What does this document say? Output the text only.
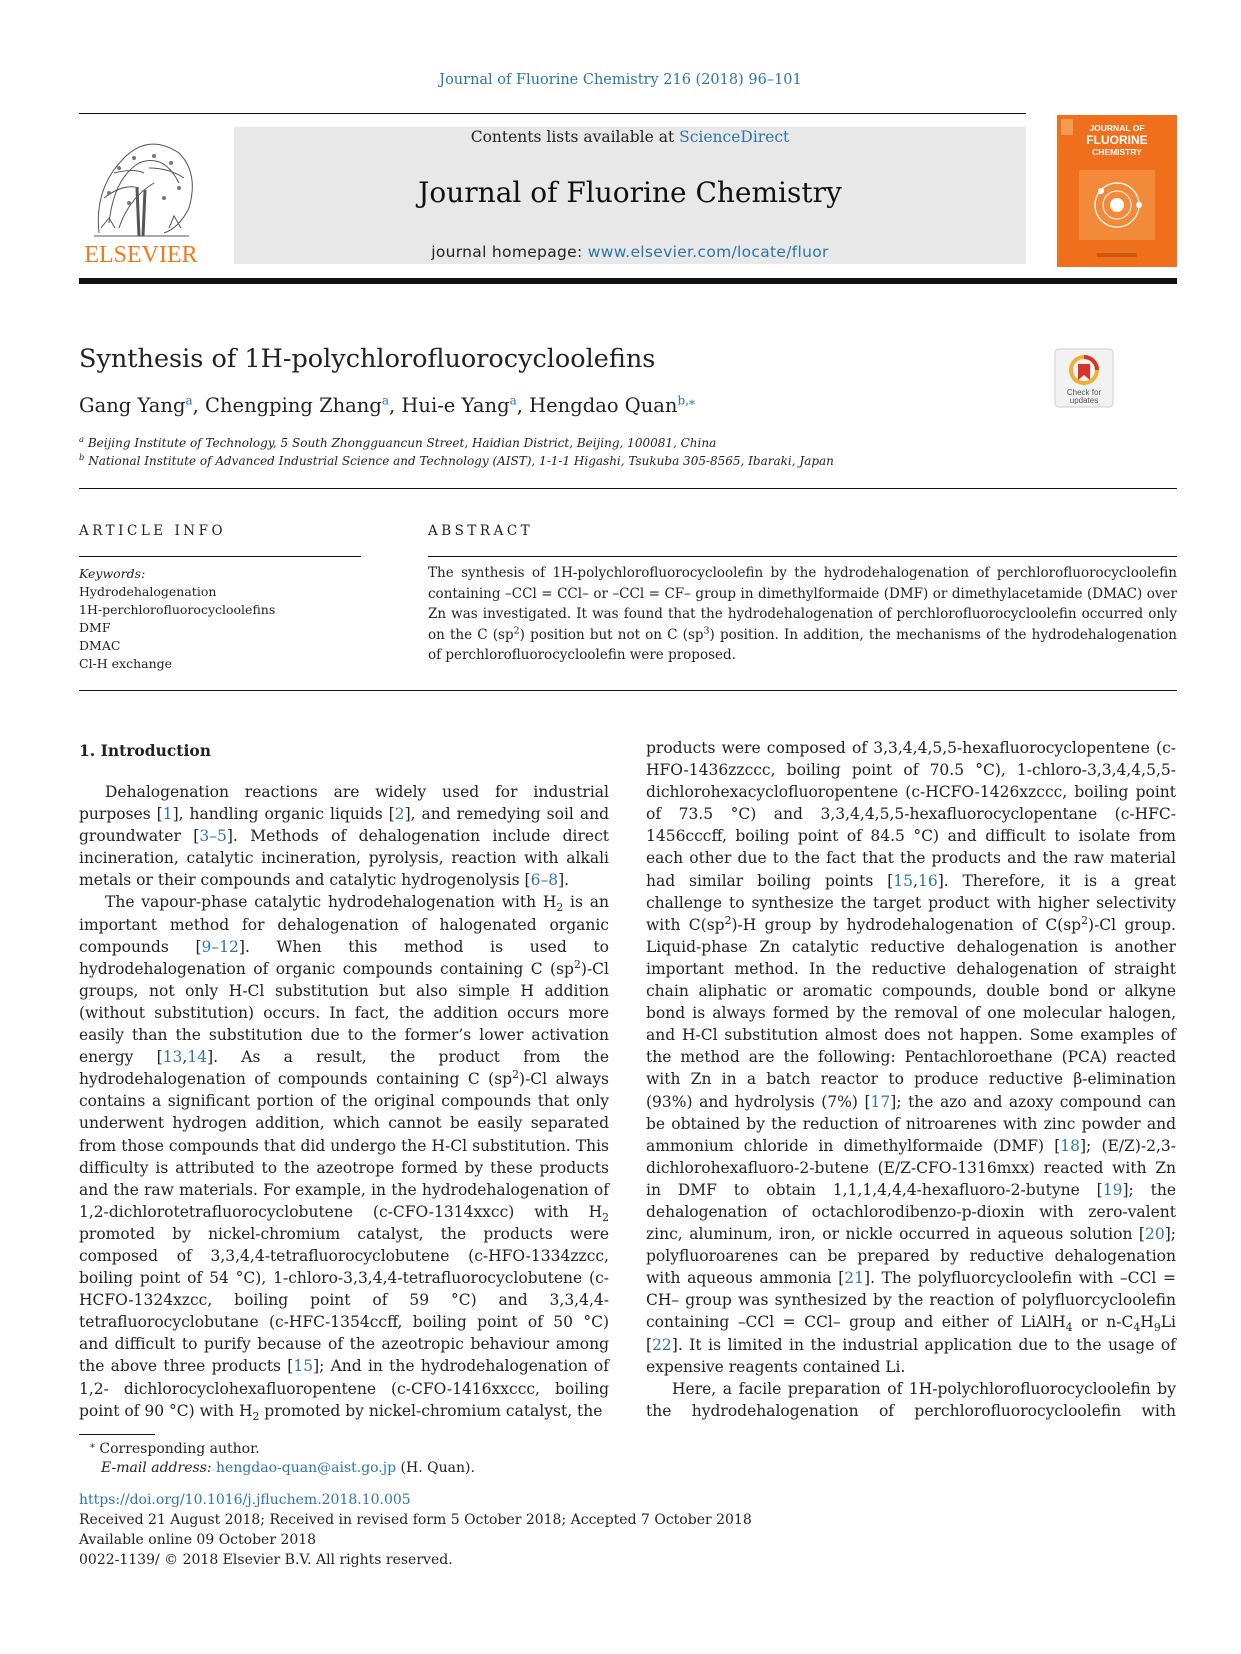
Journal of Fluorine Chemistry 216 (2018) 96–101
ELSEVIER
Contents lists available at ScienceDirect
Journal of Fluorine Chemistry
journal homepage: www.elsevier.com/locate/fluor
JOURNAL OF
FLUORINE
CHEMISTRY
Synthesis of 1H-polychlorofluorocycloolefins
Gang Yang$^a$, Chengping Zhang$^a$, Hui-e Yang$^a$, Hengdao Quan$^{b,⁎}$
$^a$ Beijing Institute of Technology, 5 South Zhongguancun Street, Haidian District, Beijing, 100081, China
$^b$ National Institute of Advanced Industrial Science and Technology (AIST), 1-1-1 Higashi, Tsukuba 305-8565, Ibaraki, Japan
Check for
updates
ARTICLE INFO	ABSTRACT
Keywords:
Hydrodehalogenation
1H-perchlorofluorocycloolefins
DMF
DMAC
Cl-H exchange
The synthesis of 1H-polychlorofluorocycloolefin by the hydrodehalogenation of perchlorofluorocycloolefin containing –CCl = CCl– or –CCl = CF– group in dimethylformaide (DMF) or dimethylacetamide (DMAC) over Zn was investigated. It was found that the hydrodehalogenation of perchlorofluorocycloolefin occurred only on the C $(sp^2)$ position but not on C $(sp^3)$ position. In addition, the mechanisms of the hydrodehalogenation of perchlorofluorocycloolefin were proposed.
1. Introduction

Dehalogenation reactions are widely used for industrial purposes [1], handling organic liquids [2], and remedying soil and groundwater [3–5]. Methods of dehalogenation include direct incineration, catalytic incineration, pyrolysis, reaction with alkali metals or their compounds and catalytic hydrogenolysis [6–8].

The vapour-phase catalytic hydrodehalogenation with $H_2$ is an important method for dehalogenation of halogenated organic compounds [9–12]. When this method is used to hydrodehalogenation of organic compounds containing C $(sp^2)-Cl$ groups, not only H-Cl substitution but also simple H addition (without substitution) occurs. In fact, the addition occurs more easily than the substitution due to the former’s lower activation energy [13,14]. As a result, the product from the hydrodehalogenation of compounds containing C $(sp^2)-Cl$ always contains a significant portion of the original compounds that only underwent hydrogen addition, which cannot be easily separated from those compounds that did undergo the H-Cl substitution. This difficulty is attributed to the azeotrope formed by these products and the raw materials. For example, in the hydrodehalogenation of 1,2-dichlorotetrafluorocyclobutene (c-CFO-1314xxcc) with $H_2$ promoted by nickel-chromium catalyst, the products were composed of 3,3,4,4-tetrafluorocyclobutene (c-HFO-1334zzcc, boiling point of 54 °C), 1-chloro-3,3,4,4-tetrafluorocyclobutene (c-HCFO-1324xzcc, boiling point of 59 °C) and 3,3,4,4-tetrafluorocyclobutane (c-HFC-1354ccff, boiling point of 50 °C) and difficult to purify because of the azeotropic behaviour among the above three products [15]; And in the hydrodehalogenation of 1,2- dichlorocyclohexafluoropentene (c-CFO-1416xxccc, boiling point of 90 °C) with $H_2$ promoted by nickel-chromium catalyst, the

products were composed of 3,3,4,4,5,5-hexafluorocyclopentene (c-HFO-1436zzccc, boiling point of 70.5 °C), 1-chloro-3,3,4,4,5,5-dichlorohexacyclofluoropentene (c-HCFO-1426xzccc, boiling point of 73.5 °C) and 3,3,4,4,5,5-hexafluorocyclopentane (c-HFC-1456cccff, boiling point of 84.5 °C) and difficult to isolate from each other due to the fact that the products and the raw material had similar boiling points [15,16]. Therefore, it is a great challenge to synthesize the target product with higher selectivity with $C(sp^2)-H$ group by hydrodehalogenation of $C(sp^2)-Cl$ group. Liquid-phase Zn catalytic reductive dehalogenation is another important method. In the reductive dehalogenation of straight chain aliphatic or aromatic compounds, double bond or alkyne bond is always formed by the removal of one molecular halogen, and H-Cl substitution almost does not happen. Some examples of the method are the following: Pentachloroethane (PCA) reacted with Zn in a batch reactor to produce reductive β-elimination (93%) and hydrolysis (7%) [17]; the azo and azoxy compound can be obtained by the reduction of nitroarenes with zinc powder and ammonium chloride in dimethylformaide (DMF) [18]; (E/Z)-2,3-dichlorohexafluoro-2-butene (E/Z-CFO-1316mxx) reacted with Zn in DMF to obtain 1,1,1,4,4,4-hexafluoro-2-butyne [19]; the dehalogenation of octachlorodibenzo-p-dioxin with zero-valent zinc, aluminum, iron, or nickle occurred in aqueous solution [20]; polyfluoroarenes can be prepared by reductive dehalogenation with aqueous ammonia [21]. The polyfluorcycloolefin with –CCl = CH– group was synthesized by the reaction of polyfluorcycloolefin containing –CCl = CCl– group and either of LiAlH$_4$ or $n-C_4H_9Li$ [22]. It is limited in the industrial application due to the usage of expensive reagents contained Li.

Here, a facile preparation of 1H-polychlorofluorocycloolefin by the hydrodehalogenation of perchlorofluorocycloolefin with

⁎ Corresponding author.
E-mail address: hengdao-quan@aist.go.jp (H. Quan).
https://doi.org/10.1016/j.jfluchem.2018.10.005
Received 21 August 2018; Received in revised form 5 October 2018; Accepted 7 October 2018
Available online 09 October 2018
0022-1139/ © 2018 Elsevier B.V. All rights reserved.
